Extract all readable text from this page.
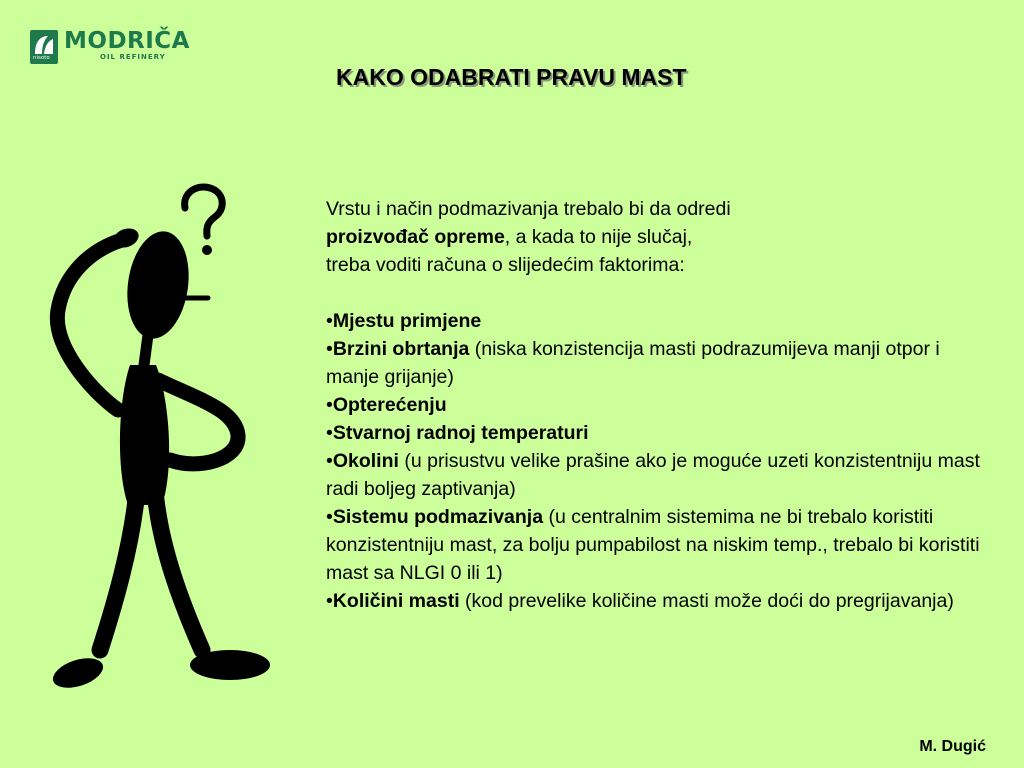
nisoto
MODRIČA
OIL REFINERY
KAKO ODABRATI PRAVU MAST

Vrstu i način podmazivanja trebalo bi da odredi

proizvođač opreme, a kada to nije slučaj,

treba voditi računa o slijedećim faktorima:

•Mjestu primjene
•Brzini obrtanja (niska konzistencija masti podrazumijeva manji otpor i manje grijanje)
•Opterećenju
•Stvarnoj radnoj temperaturi
•Okolini (u prisustvu velike prašine ako je moguće uzeti konzistentniju mast radi boljeg zaptivanja)
•Sistemu podmazivanja (u centralnim sistemima ne bi trebalo koristiti konzistentniju mast, za bolju pumpabilost na niskim temp., trebalo bi koristiti mast sa NLGI 0 ili 1)
•Količini masti (kod prevelike količine masti može doći do pregrijavanja)
M. Dugić
